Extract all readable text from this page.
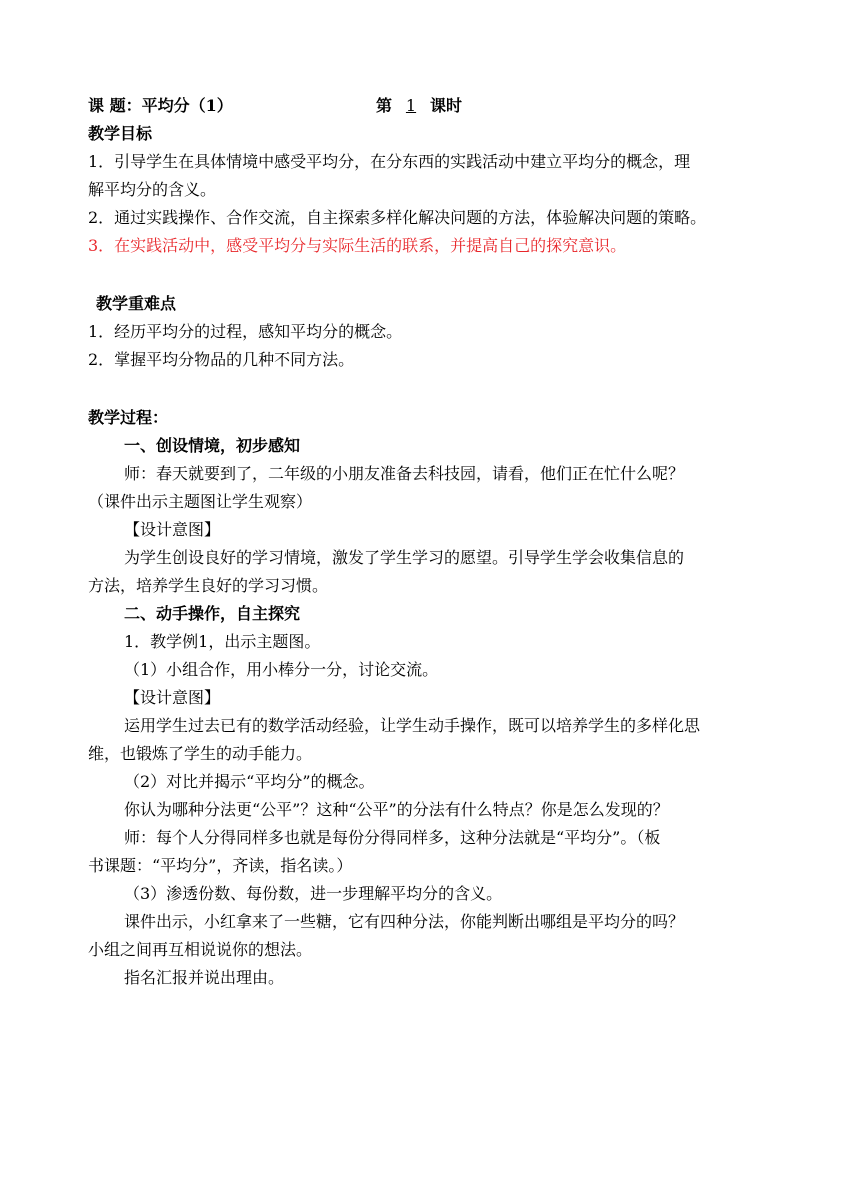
课 题：平均分（1）	第 1 课时
教学目标
1．引导学生在具体情境中感受平均分，在分东西的实践活动中建立平均分的概念，理
解平均分的含义。
2．通过实践操作、合作交流，自主探索多样化解决问题的方法，体验解决问题的策略。
3．在实践活动中，感受平均分与实际生活的联系，并提高自己的探究意识。
教学重难点
1．经历平均分的过程，感知平均分的概念。
2．掌握平均分物品的几种不同方法。
教学过程：
一、创设情境，初步感知
师：春天就要到了，二年级的小朋友准备去科技园，请看，他们正在忙什么呢？
（课件出示主题图让学生观察）
【设计意图】
为学生创设良好的学习情境，激发了学生学习的愿望。引导学生学会收集信息的
方法，培养学生良好的学习习惯。
二、动手操作，自主探究
1．教学例1，出示主题图。
（1）小组合作，用小棒分一分，讨论交流。
【设计意图】
运用学生过去已有的数学活动经验，让学生动手操作，既可以培养学生的多样化思
维，也锻炼了学生的动手能力。
（2）对比并揭示“平均分”的概念。
你认为哪种分法更“公平”？这种“公平”的分法有什么特点？你是怎么发现的？
师：每个人分得同样多也就是每份分得同样多，这种分法就是“平均分”。（板
书课题：“平均分”，齐读，指名读。）
（3）渗透份数、每份数，进一步理解平均分的含义。
课件出示，小红拿来了一些糖，它有四种分法，你能判断出哪组是平均分的吗？
小组之间再互相说说你的想法。
指名汇报并说出理由。
